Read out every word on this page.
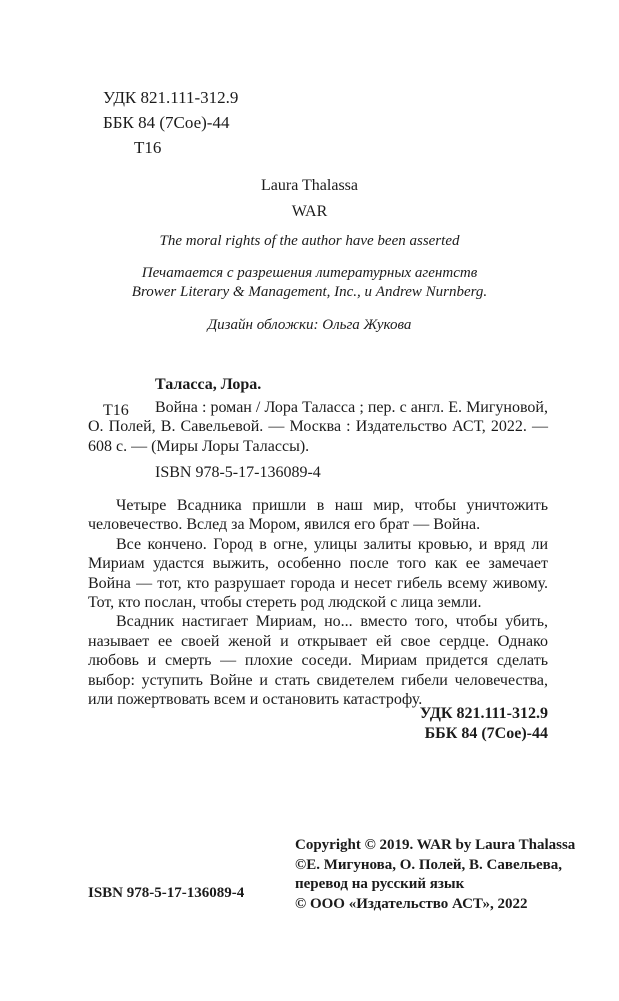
УДК 821.111-312.9
ББК 84 (7Сое)-44
Т16
Laura Thalassa
WAR
The moral rights of the author have been asserted
Печатается с разрешения литературных агентств
Brower Literary & Management, Inc., и Andrew Nurnberg.
Дизайн обложки: Ольга Жукова

Таласса, Лора.

Т16	Война : роман / Лора Таласса ; пер. с англ. Е. Мигуновой, О. Полей, В. Савельевой. — Москва : Издательство АСТ, 2022. — 608 с. — (Миры Лоры Талассы).

ISBN 978-5-17-136089-4

Четыре Всадника пришли в наш мир, чтобы уничтожить человечество. Вслед за Мором, явился его брат — Война.

Все кончено. Город в огне, улицы залиты кровью, и вряд ли Мириам удастся выжить, особенно после того как ее замечает Война — тот, кто разрушает города и несет гибель всему живому. Тот, кто послан, чтобы стереть род людской с лица земли.

Всадник настигает Мириам, но... вместо того, чтобы убить, называет ее своей женой и открывает ей свое сердце. Однако любовь и смерть — плохие соседи. Мириам придется сделать выбор: уступить Войне и стать свидетелем гибели человечества, или пожертвовать всем и остановить катастрофу.

УДК 821.111-312.9
ББК 84 (7Сое)-44
Copyright © 2019. WAR by Laura Thalassa
©Е. Мигунова, О. Полей, В. Савельева,
перевод на русский язык
© ООО «Издательство АСТ», 2022
ISBN 978-5-17-136089-4
